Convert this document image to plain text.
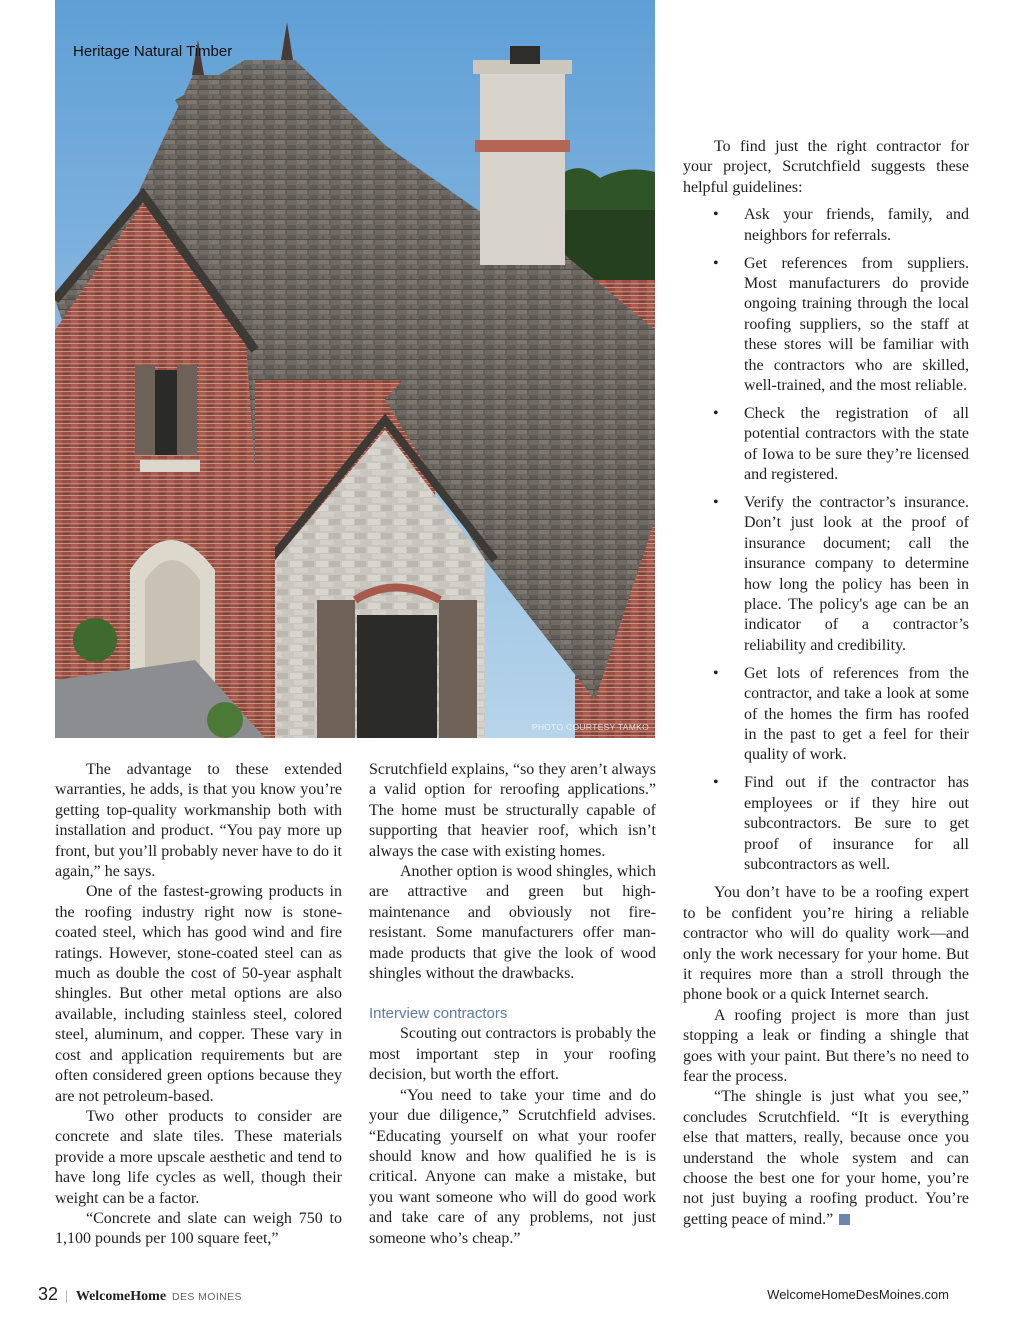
Heritage Natural Timber
PHOTO COURTESY TAMKO

The advantage to these extended warranties, he adds, is that you know you’re getting top-quality workmanship both with installation and product. “You pay more up front, but you’ll probably never have to do it again,” he says.

One of the fastest-growing products in the roofing industry right now is stone-coated steel, which has good wind and fire ratings. However, stone-coated steel can as much as double the cost of 50-year asphalt shingles. But other metal options are also available, including stainless steel, colored steel, aluminum, and copper. These vary in cost and application requirements but are often considered green options because they are not petroleum-based.

Two other products to consider are concrete and slate tiles. These materials provide a more upscale aesthetic and tend to have long life cycles as well, though their weight can be a factor.

“Concrete and slate can weigh 750 to 1,100 pounds per 100 square feet,”

Scrutchfield explains, “so they aren’t always a valid option for reroofing applications.” The home must be structurally capable of supporting that heavier roof, which isn’t always the case with existing homes.

Another option is wood shingles, which are attractive and green but high-maintenance and obviously not fire-resistant. Some manufacturers offer man-made products that give the look of wood shingles without the drawbacks.

Interview contractors

Scouting out contractors is probably the most important step in your roofing decision, but worth the effort.

“You need to take your time and do your due diligence,” Scrutchfield advises. “Educating yourself on what your roofer should know and how qualified he is is critical. Anyone can make a mistake, but you want someone who will do good work and take care of any problems, not just someone who’s cheap.”

To find just the right contractor for your project, Scrutchfield suggests these helpful guidelines:

• Ask your friends, family, and neighbors for referrals.
• Get references from suppliers. Most manufacturers do provide ongoing training through the local roofing suppliers, so the staff at these stores will be familiar with the contractors who are skilled, well-trained, and the most reliable.
• Check the registration of all potential contractors with the state of Iowa to be sure they’re licensed and registered.
• Verify the contractor’s insurance. Don’t just look at the proof of insurance document; call the insurance company to determine how long the policy has been in place. The policy's age can be an indicator of a contractor’s reliability and credibility.
• Get lots of references from the contractor, and take a look at some of the homes the firm has roofed in the past to get a feel for their quality of work.
• Find out if the contractor has employees or if they hire out subcontractors. Be sure to get proof of insurance for all subcontractors as well.

You don’t have to be a roofing expert to be confident you’re hiring a reliable contractor who will do quality work—and only the work necessary for your home. But it requires more than a stroll through the phone book or a quick Internet search.

A roofing project is more than just stopping a leak or finding a shingle that goes with your paint. But there’s no need to fear the process.

“The shingle is just what you see,” concludes Scrutchfield. “It is everything else that matters, really, because once you understand the whole system and can choose the best one for your home, you’re not just buying a roofing product. You’re getting peace of mind.”

32 | WelcomeHome DES MOINES	WelcomeHomeDesMoines.com
